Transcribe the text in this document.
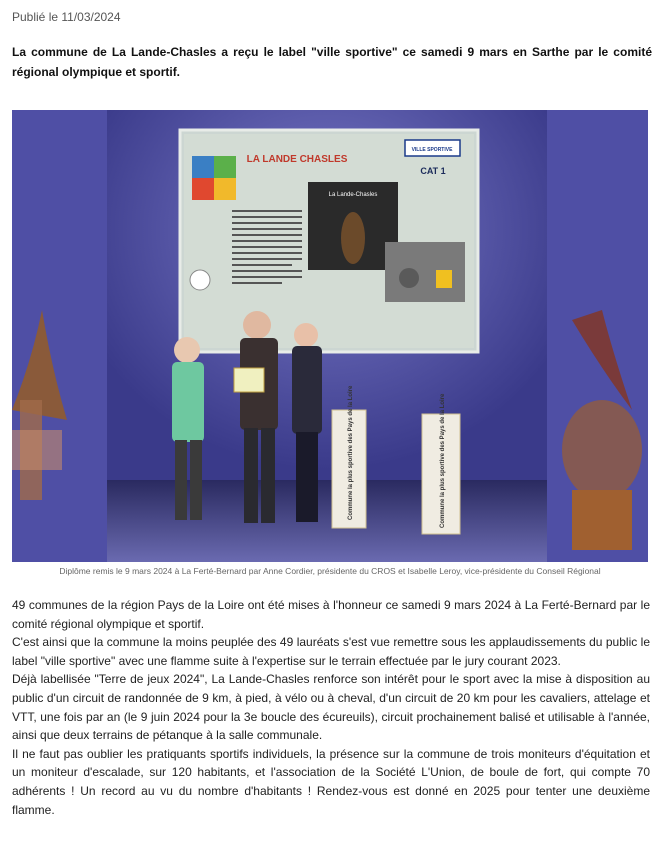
Publié le 11/03/2024
La commune de La Lande-Chasles a reçu le label "ville sportive" ce samedi 9 mars en Sarthe par le comité régional olympique et sportif.
LA LANDE CHASLES
VILLE SPORTIVE
CAT 1
La Lande-Chasles
Commune la plus sportive des Pays de la Loire	Commune la plus sportive des Pays de la Loire
Diplôme remis le 9 mars 2024 à La Ferté-Bernard par Anne Cordier, présidente du CROS et Isabelle Leroy, vice-présidente du Conseil Régional

49 communes de la région Pays de la Loire ont été mises à l'honneur ce samedi 9 mars 2024 à La Ferté-Bernard par le comité régional olympique et sportif.

C'est ainsi que la commune la moins peuplée des 49 lauréats s'est vue remettre sous les applaudissements du public le label "ville sportive" avec une flamme suite à l'expertise sur le terrain effectuée par le jury courant 2023.

Déjà labellisée "Terre de jeux 2024", La Lande-Chasles renforce son intérêt pour le sport avec la mise à disposition au public d'un circuit de randonnée de 9 km, à pied, à vélo ou à cheval, d'un circuit de 20 km pour les cavaliers, attelage et VTT, une fois par an (le 9 juin 2024 pour la 3e boucle des écureuils), circuit prochainement balisé et utilisable à l'année, ainsi que deux terrains de pétanque à la salle communale.

Il ne faut pas oublier les pratiquants sportifs individuels, la présence sur la commune de trois moniteurs d'équitation et un moniteur d'escalade, sur 120 habitants, et l'association de la Société L'Union, de boule de fort, qui compte 70 adhérents ! Un record au vu du nombre d'habitants ! Rendez-vous est donné en 2025 pour tenter une deuxième flamme.
